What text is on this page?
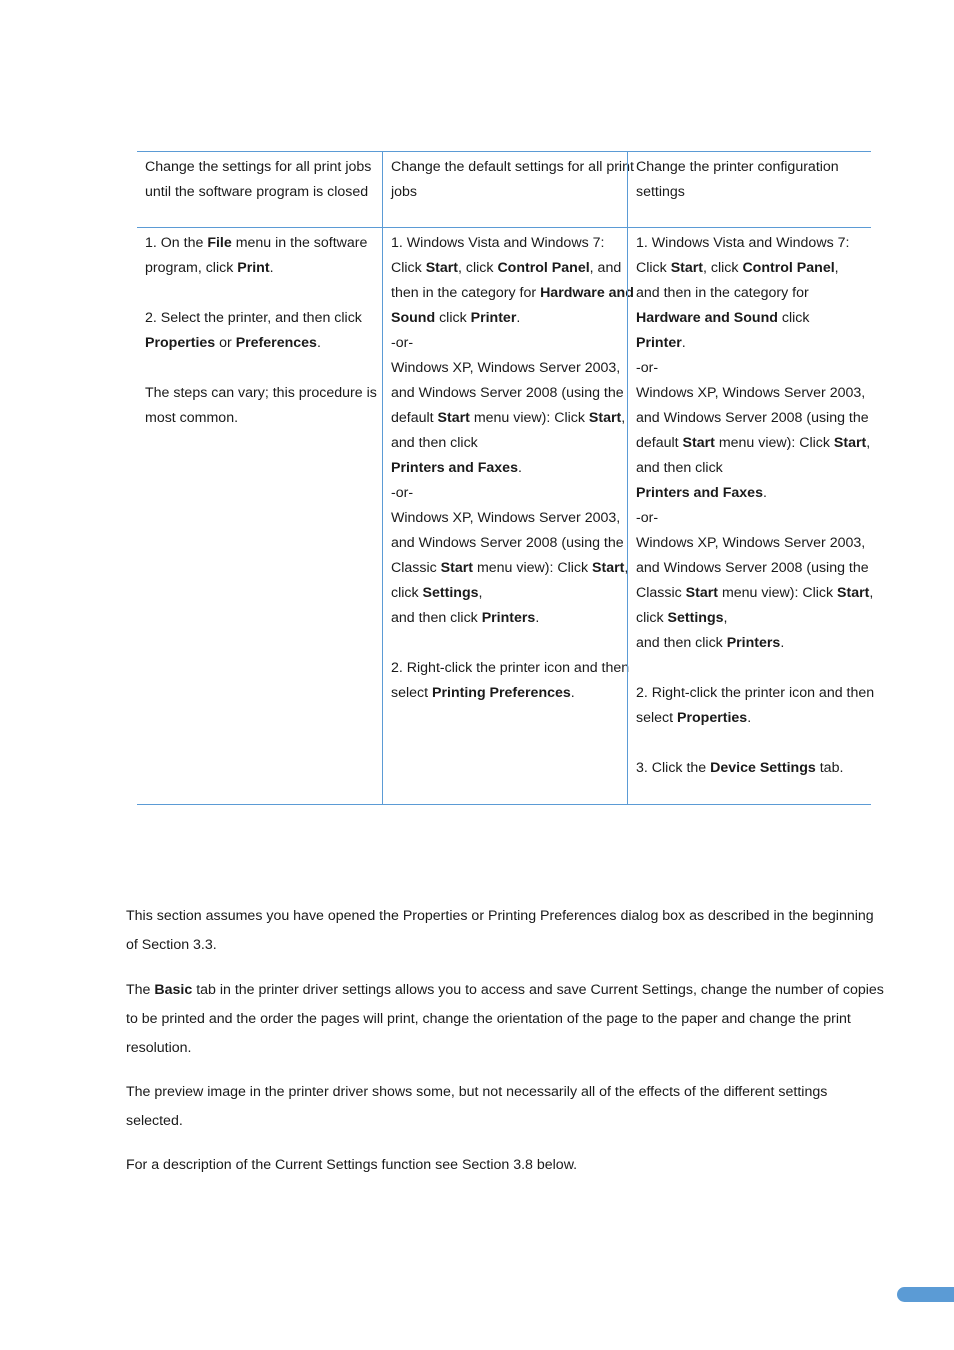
Change the settings for all print jobs
until the software program is closed
Change the default settings for all print
jobs
Change the printer configuration
settings
1. On the File menu in the software
program, click Print.
2. Select the printer, and then click
Properties or Preferences.
The steps can vary; this procedure is
most common.
1. Windows Vista and Windows 7:
Click Start, click Control Panel, and
then in the category for Hardware and
Sound click Printer.
-or-
Windows XP, Windows Server 2003,
and Windows Server 2008 (using the
default Start menu view): Click Start,
and then click
Printers and Faxes.
-or-
Windows XP, Windows Server 2003,
and Windows Server 2008 (using the
Classic Start menu view): Click Start,
click Settings,
and then click Printers.
2. Right-click the printer icon and then
select Printing Preferences.
1. Windows Vista and Windows 7:
Click Start, click Control Panel,
and then in the category for
Hardware and Sound click
Printer.
-or-
Windows XP, Windows Server 2003,
and Windows Server 2008 (using the
default Start menu view): Click Start,
and then click
Printers and Faxes.
-or-
Windows XP, Windows Server 2003,
and Windows Server 2008 (using the
Classic Start menu view): Click Start,
click Settings,
and then click Printers.
2. Right-click the printer icon and then
select Properties.
3. Click the Device Settings tab.
This section assumes you have opened the Properties or Printing Preferences dialog box as described in the beginning
of Section 3.3.
The Basic tab in the printer driver settings allows you to access and save Current Settings, change the number of copies
to be printed and the order the pages will print, change the orientation of the page to the paper and change the print
resolution.
The preview image in the printer driver shows some, but not necessarily all of the effects of the different settings
selected.
For a description of the Current Settings function see Section 3.8 below.
